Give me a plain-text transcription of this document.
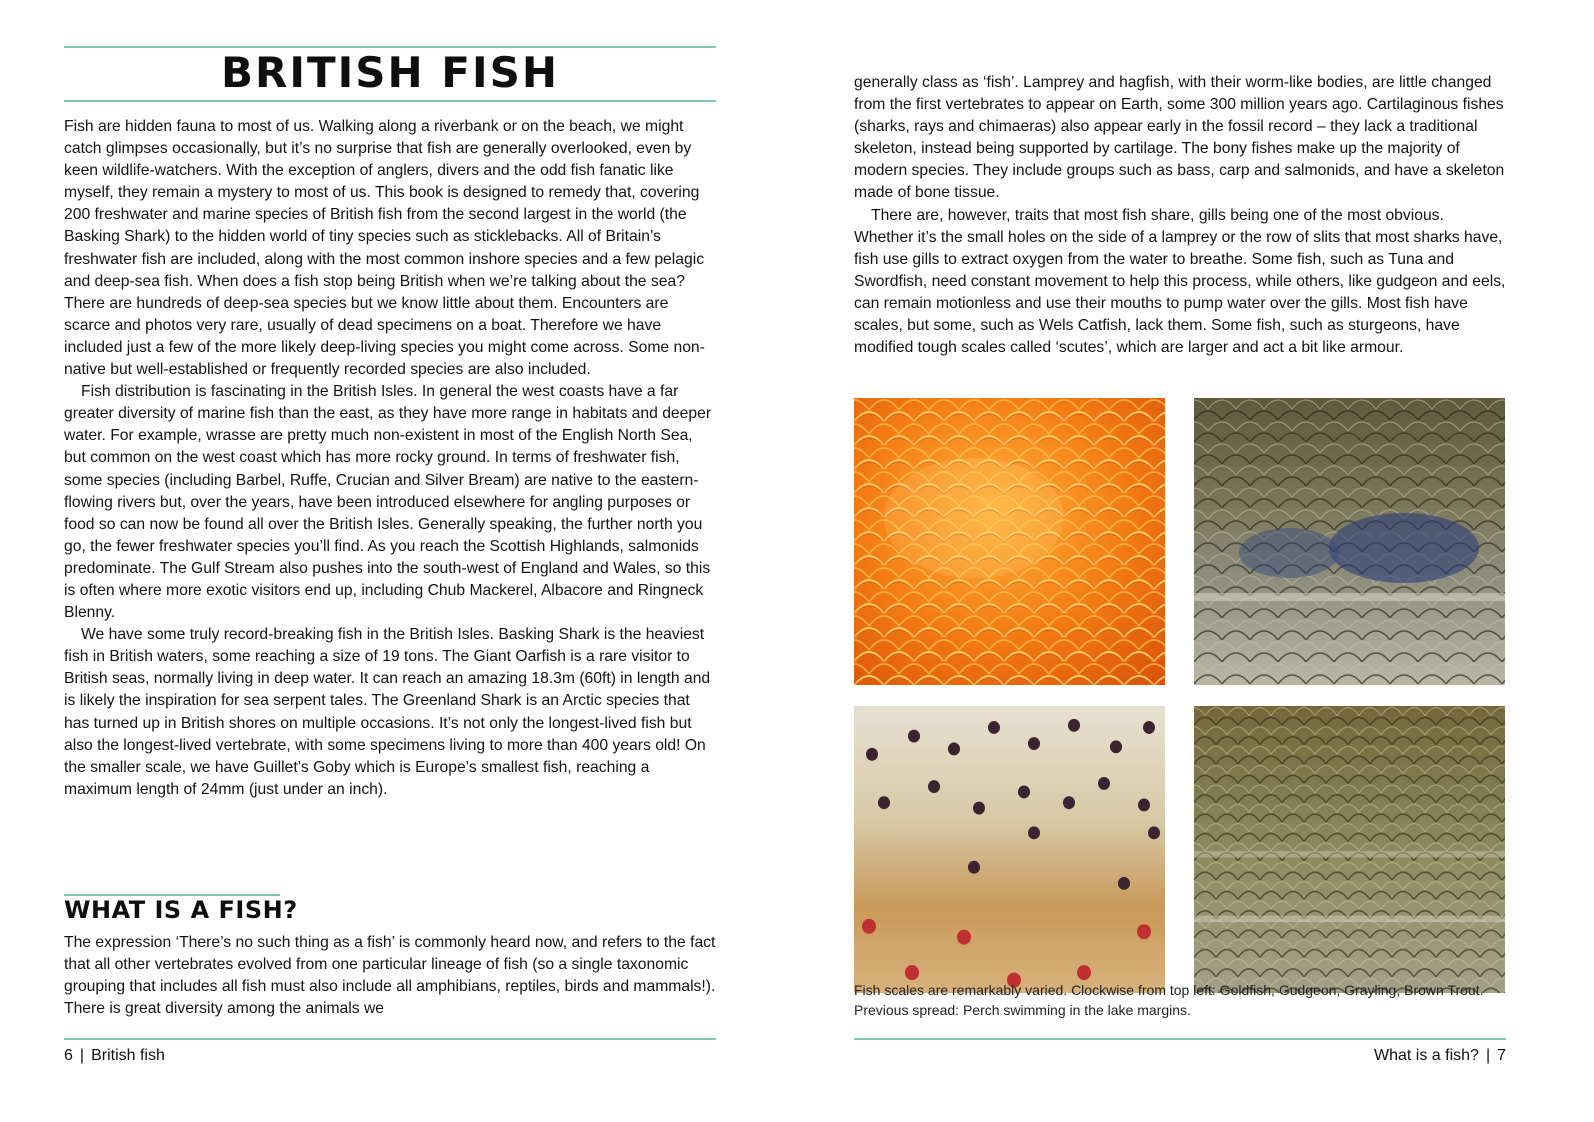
BRITISH FISH

Fish are hidden fauna to most of us. Walking along a riverbank or on the beach, we might catch glimpses occasionally, but it’s no surprise that fish are generally overlooked, even by keen wildlife-watchers. With the exception of anglers, divers and the odd fish fanatic like myself, they remain a mystery to most of us. This book is designed to remedy that, covering 200 freshwater and marine species of British fish from the second largest in the world (the Basking Shark) to the hidden world of tiny species such as sticklebacks. All of Britain’s freshwater fish are included, along with the most common inshore species and a few pelagic and deep-sea fish. When does a fish stop being British when we’re talking about the sea? There are hundreds of deep-sea species but we know little about them. Encounters are scarce and photos very rare, usually of dead specimens on a boat. Therefore we have included just a few of the more likely deep-living species you might come across. Some non-native but well-established or frequently recorded species are also included.

Fish distribution is fascinating in the British Isles. In general the west coasts have a far greater diversity of marine fish than the east, as they have more range in habitats and deeper water. For example, wrasse are pretty much non-existent in most of the English North Sea, but common on the west coast which has more rocky ground. In terms of freshwater fish, some species (including Barbel, Ruffe, Crucian and Silver Bream) are native to the eastern-flowing rivers but, over the years, have been introduced elsewhere for angling purposes or food so can now be found all over the British Isles. Generally speaking, the further north you go, the fewer freshwater species you’ll find. As you reach the Scottish Highlands, salmonids predominate. The Gulf Stream also pushes into the south-west of England and Wales, so this is often where more exotic visitors end up, including Chub Mackerel, Albacore and Ringneck Blenny.

We have some truly record-breaking fish in the British Isles. Basking Shark is the heaviest fish in British waters, some reaching a size of 19 tons. The Giant Oarfish is a rare visitor to British seas, normally living in deep water. It can reach an amazing 18.3m (60ft) in length and is likely the inspiration for sea serpent tales. The Greenland Shark is an Arctic species that has turned up in British shores on multiple occasions. It’s not only the longest-lived fish but also the longest-lived vertebrate, with some specimens living to more than 400 years old! On the smaller scale, we have Guillet’s Goby which is Europe’s smallest fish, reaching a maximum length of 24mm (just under an inch).

WHAT IS A FISH?

The expression ‘There’s no such thing as a fish’ is commonly heard now, and refers to the fact that all other vertebrates evolved from one particular lineage of fish (so a single taxonomic grouping that includes all fish must also include all amphibians, reptiles, birds and mammals!). There is great diversity among the animals we

6 | British fish

generally class as ‘fish’. Lamprey and hagfish, with their worm-like bodies, are little changed from the first vertebrates to appear on Earth, some 300 million years ago. Cartilaginous fishes (sharks, rays and chimaeras) also appear early in the fossil record – they lack a traditional skeleton, instead being supported by cartilage. The bony fishes make up the majority of modern species. They include groups such as bass, carp and salmonids, and have a skeleton made of bone tissue.

There are, however, traits that most fish share, gills being one of the most obvious. Whether it’s the small holes on the side of a lamprey or the row of slits that most sharks have, fish use gills to extract oxygen from the water to breathe. Some fish, such as Tuna and Swordfish, need constant movement to help this process, while others, like gudgeon and eels, can remain motionless and use their mouths to pump water over the gills. Most fish have scales, but some, such as Wels Catfish, lack them. Some fish, such as sturgeons, have modified tough scales called ‘scutes’, which are larger and act a bit like armour.

Fish scales are remarkably varied. Clockwise from top left: Goldfish, Gudgeon, Grayling, Brown Trout. Previous spread: Perch swimming in the lake margins.

What is a fish? | 7
